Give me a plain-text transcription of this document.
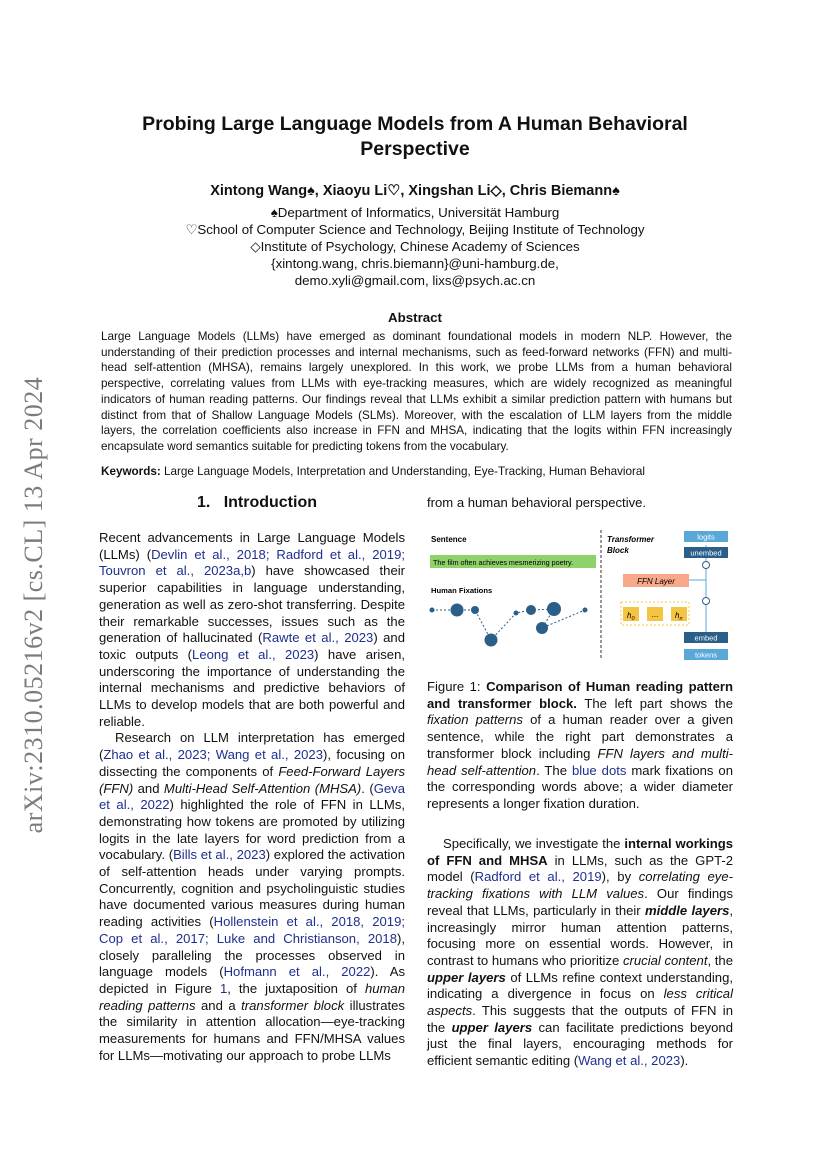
arXiv:2310.05216v2 [cs.CL] 13 Apr 2024
Probing Large Language Models from A Human Behavioral
Perspective
Xintong Wang♠, Xiaoyu Li♡, Xingshan Li◇, Chris Biemann♠
♠Department of Informatics, Universität Hamburg
♡School of Computer Science and Technology, Beijing Institute of Technology
◇Institute of Psychology, Chinese Academy of Sciences
{xintong.wang, chris.biemann}@uni-hamburg.de,
demo.xyli@gmail.com, lixs@psych.ac.cn
Abstract
Large Language Models (LLMs) have emerged as dominant foundational models in modern NLP. However, the understanding of their prediction processes and internal mechanisms, such as feed-forward networks (FFN) and multi-head self-attention (MHSA), remains largely unexplored. In this work, we probe LLMs from a human behavioral perspective, correlating values from LLMs with eye-tracking measures, which are widely recognized as meaningful indicators of human reading patterns. Our findings reveal that LLMs exhibit a similar prediction pattern with humans but distinct from that of Shallow Language Models (SLMs). Moreover, with the escalation of LLM layers from the middle layers, the correlation coefficients also increase in FFN and MHSA, indicating that the logits within FFN increasingly encapsulate word semantics suitable for predicting tokens from the vocabulary.
Keywords: Large Language Models, Interpretation and Understanding, Eye-Tracking, Human Behavioral
1. Introduction

Recent advancements in Large Language Models (LLMs) (Devlin et al., 2018; Radford et al., 2019; Touvron et al., 2023a,b) have showcased their superior capabilities in language understanding, generation as well as zero-shot transferring. Despite their remarkable successes, issues such as the generation of hallucinated (Rawte et al., 2023) and toxic outputs (Leong et al., 2023) have arisen, underscoring the importance of understanding the internal mechanisms and predictive behaviors of LLMs to develop models that are both powerful and reliable.

Research on LLM interpretation has emerged (Zhao et al., 2023; Wang et al., 2023), focusing on dissecting the components of Feed-Forward Layers (FFN) and Multi-Head Self-Attention (MHSA). (Geva et al., 2022) highlighted the role of FFN in LLMs, demonstrating how tokens are promoted by utilizing logits in the late layers for word prediction from a vocabulary. (Bills et al., 2023) explored the activation of self-attention heads under varying prompts. Concurrently, cognition and psycholinguistic studies have documented various measures during human reading activities (Hollenstein et al., 2018, 2019; Cop et al., 2017; Luke and Christianson, 2018), closely paralleling the processes observed in language models (Hofmann et al., 2022). As depicted in Figure 1, the juxtaposition of human reading patterns and a transformer block illustrates the similarity in attention allocation—eye-tracking measurements for humans and FFN/MHSA values for LLMs—motivating our approach to probe LLMs

from a human behavioral perspective.
Sentence
The film often achieves mesmerizing poetry.
Human Fixations
Transformer
Block
logits
unembed
FFN Layer
$h_0$ ... $h_n$
embed
tokens
Figure 1: Comparison of Human reading pattern and transformer block. The left part shows the fixation patterns of a human reader over a given sentence, while the right part demonstrates a transformer block including FFN layers and multi-head self-attention. The blue dots mark fixations on the corresponding words above; a wider diameter represents a longer fixation duration.

Specifically, we investigate the internal workings of FFN and MHSA in LLMs, such as the GPT-2 model (Radford et al., 2019), by correlating eye-tracking fixations with LLM values. Our findings reveal that LLMs, particularly in their middle layers, increasingly mirror human attention patterns, focusing more on essential words. However, in contrast to humans who prioritize crucial content, the upper layers of LLMs refine context understanding, indicating a divergence in focus on less critical aspects. This suggests that the outputs of FFN in the upper layers can facilitate predictions beyond just the final layers, encouraging methods for efficient semantic editing (Wang et al., 2023).
